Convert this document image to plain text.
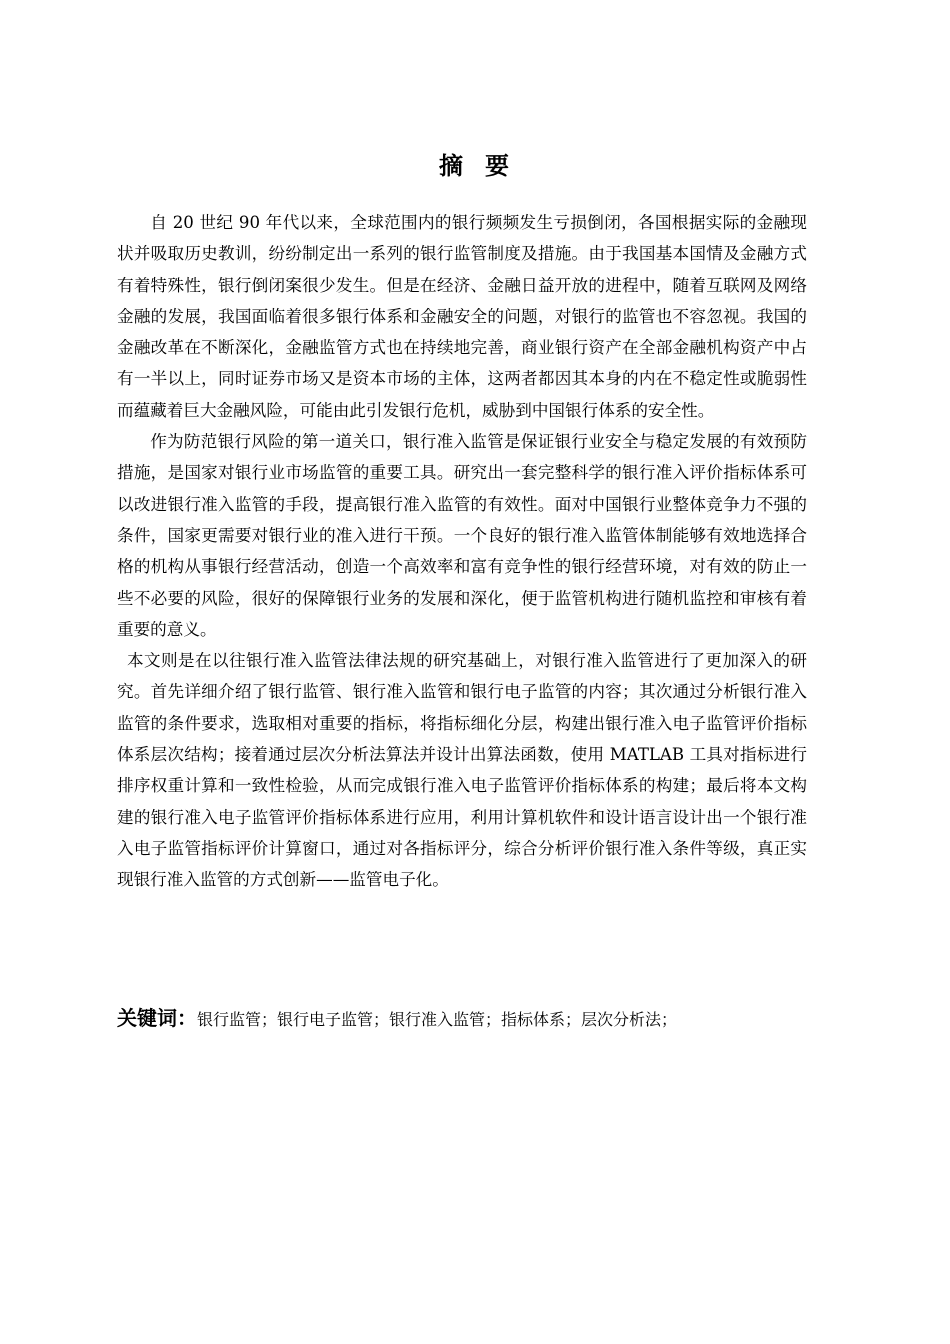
摘 要

自 20 世纪 90 年代以来，全球范围内的银行频频发生亏损倒闭，各国根据实际的金融现状并吸取历史教训，纷纷制定出一系列的银行监管制度及措施。由于我国基本国情及金融方式有着特殊性，银行倒闭案很少发生。但是在经济、金融日益开放的进程中，随着互联网及网络金融的发展，我国面临着很多银行体系和金融安全的问题，对银行的监管也不容忽视。我国的金融改革在不断深化，金融监管方式也在持续地完善，商业银行资产在全部金融机构资产中占有一半以上，同时证券市场又是资本市场的主体，这两者都因其本身的内在不稳定性或脆弱性而蕴藏着巨大金融风险，可能由此引发银行危机，威胁到中国银行体系的安全性。

作为防范银行风险的第一道关口，银行准入监管是保证银行业安全与稳定发展的有效预防措施，是国家对银行业市场监管的重要工具。研究出一套完整科学的银行准入评价指标体系可以改进银行准入监管的手段，提高银行准入监管的有效性。面对中国银行业整体竞争力不强的条件，国家更需要对银行业的准入进行干预。一个良好的银行准入监管体制能够有效地选择合格的机构从事银行经营活动，创造一个高效率和富有竞争性的银行经营环境，对有效的防止一些不必要的风险，很好的保障银行业务的发展和深化，便于监管机构进行随机监控和审核有着重要的意义。

本文则是在以往银行准入监管法律法规的研究基础上，对银行准入监管进行了更加深入的研究。首先详细介绍了银行监管、银行准入监管和银行电子监管的内容；其次通过分析银行准入监管的条件要求，选取相对重要的指标，将指标细化分层，构建出银行准入电子监管评价指标体系层次结构；接着通过层次分析法算法并设计出算法函数，使用 MATLAB 工具对指标进行排序权重计算和一致性检验，从而完成银行准入电子监管评价指标体系的构建；最后将本文构建的银行准入电子监管评价指标体系进行应用，利用计算机软件和设计语言设计出一个银行准入电子监管指标评价计算窗口，通过对各指标评分，综合分析评价银行准入条件等级，真正实现银行准入监管的方式创新——监管电子化。

关键词：银行监管；银行电子监管；银行准入监管；指标体系；层次分析法；
